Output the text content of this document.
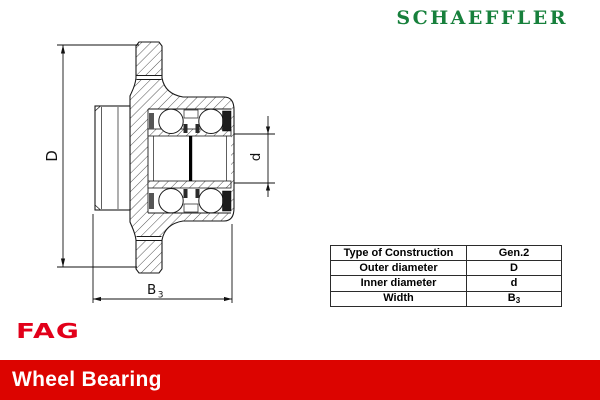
SCHAEFFLER
D	d
B $_3$
Type of Construction	Gen.2
Outer diameter	D
Inner diameter	d
Width	B 3
FAG
Wheel Bearing
